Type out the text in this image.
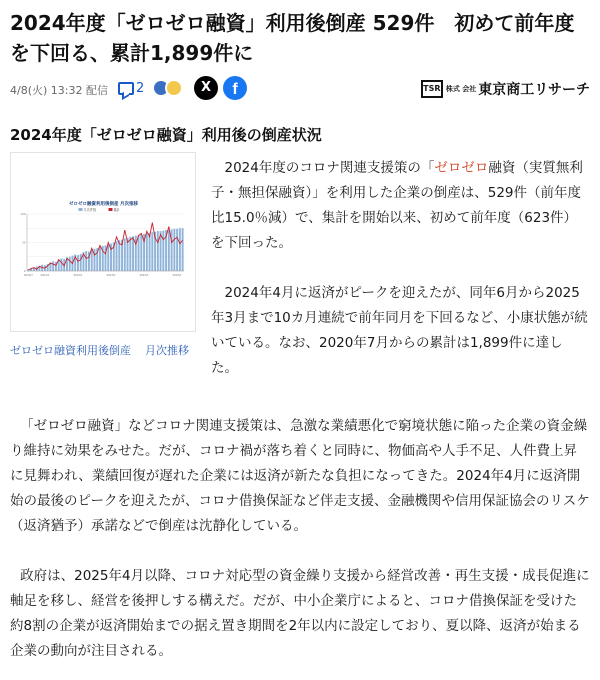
2024年度「ゼロゼロ融資」利用後倒産 529件　初めて前年度を下回る、累計1,899件に
4/8(火) 13:32 配信 2	X	f	TSR 株式 会社 東京商工リサーチ
2024年度「ゼロゼロ融資」利用後の倒産状況
ゼロゼロ融資利用後倒産 月次推移
月次件数	累計
2020/7	2021/1	2022/1	2023/1	2024/1	2025/1
0
50
100
ゼロゼロ融資利用後倒産 月次推移

2024年度のコロナ関連支援策の「ゼロゼロ融資（実質無利子・無担保融資）」を利用した企業の倒産は、529件（前年度比15.0％減）で、集計を開始以来、初めて前年度（623件）を下回った。

2024年4月に返済がピークを迎えたが、同年6月から2025年3月まで10カ月連続で前年同月を下回るなど、小康状態が続いている。なお、2020年7月からの累計は1,899件に達した。

「ゼロゼロ融資」などコロナ関連支援策は、急激な業績悪化で窮境状態に陥った企業の資金繰り維持に効果をみせた。だが、コロナ禍が落ち着くと同時に、物価高や人手不足、人件費上昇に見舞われ、業績回復が遅れた企業には返済が新たな負担になってきた。2024年4月に返済開始の最後のピークを迎えたが、コロナ借換保証など伴走支援、金融機関や信用保証協会のリスケ（返済猶予）承諾などで倒産は沈静化している。

政府は、2025年4月以降、コロナ対応型の資金繰り支援から経営改善・再生支援・成長促進に軸足を移し、経営を後押しする構えだ。だが、中小企業庁によると、コロナ借換保証を受けた約8割の企業が返済開始までの据え置き期間を2年以内に設定しており、夏以降、返済が始まる企業の動向が注目される。
